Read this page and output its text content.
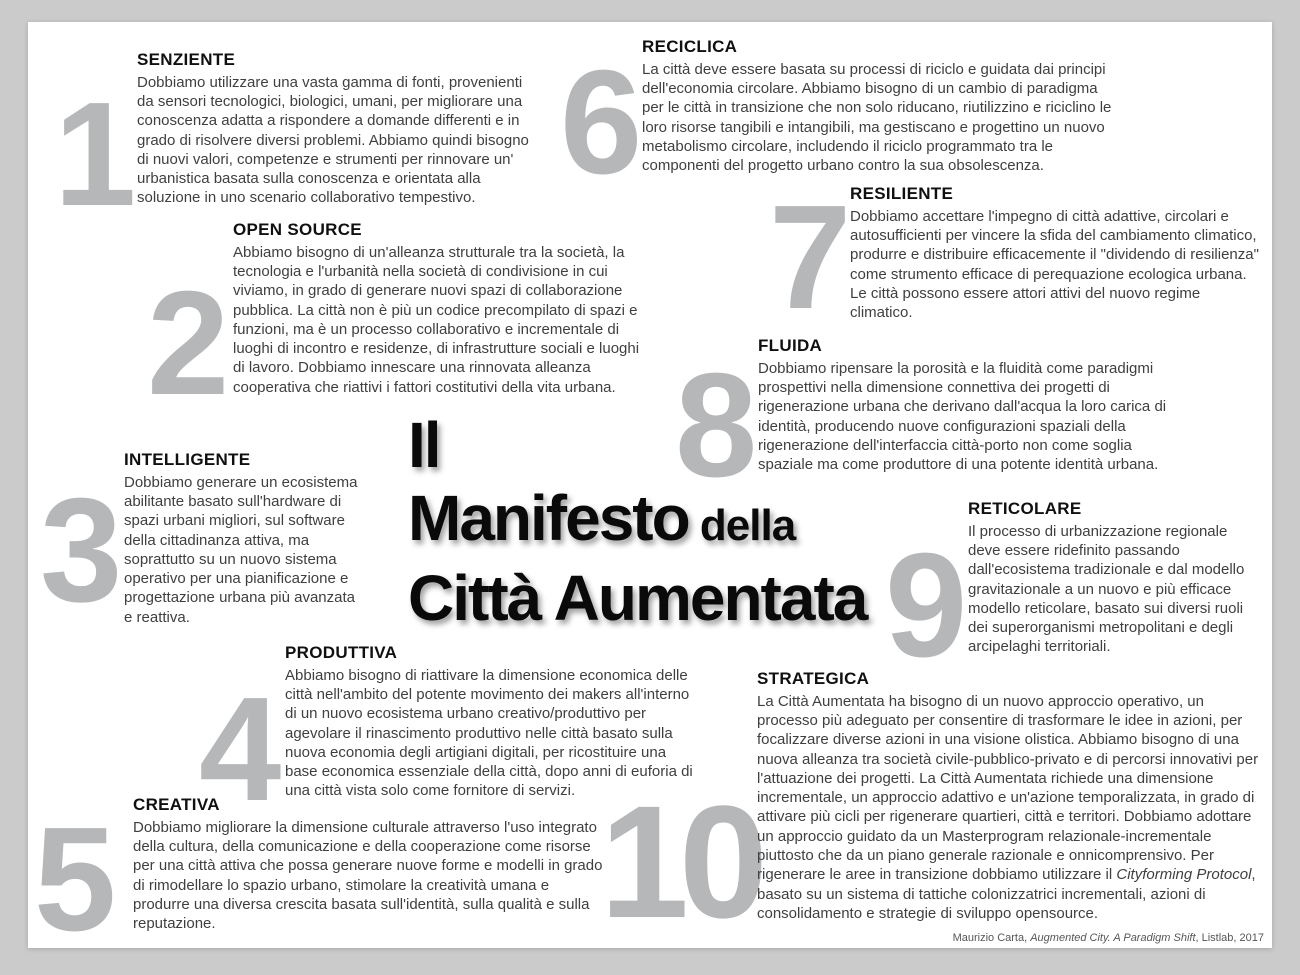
1
SENZIENTE

Dobbiamo utilizzare una vasta gamma di fonti, provenienti da sensori tecnologici, biologici, umani, per migliorare una conoscenza adatta a rispondere a domande differenti e in grado di risolvere diversi problemi. Abbiamo quindi bisogno di nuovi valori, competenze e strumenti per rinnovare un' urbanistica basata sulla conoscenza e orientata alla soluzione in uno scenario collaborativo tempestivo.

2
OPEN SOURCE

Abbiamo bisogno di un'alleanza strutturale tra la società, la tecnologia e l'urbanità nella società di condivisione in cui viviamo, in grado di generare nuovi spazi di collaborazione pubblica. La città non è più un codice precompilato di spazi e funzioni, ma è un processo collaborativo e incrementale di luoghi di incontro e residenze, di infrastrutture sociali e luoghi di lavoro. Dobbiamo innescare una rinnovata alleanza cooperativa che riattivi i fattori costitutivi della vita urbana.

3
INTELLIGENTE

Dobbiamo generare un ecosistema abilitante basato sull'hardware di spazi urbani migliori, sul software della cittadinanza attiva, ma soprattutto su un nuovo sistema operativo per una pianificazione e progettazione urbana più avanzata e reattiva.

4
PRODUTTIVA

Abbiamo bisogno di riattivare la dimensione economica delle città nell'ambito del potente movimento dei makers all'interno di un nuovo ecosistema urbano creativo/produttivo per agevolare il rinascimento produttivo nelle città basato sulla nuova economia degli artigiani digitali, per ricostituire una base economica essenziale della città, dopo anni di euforia di una città vista solo come fornitore di servizi.

5 CREATIVA

Dobbiamo migliorare la dimensione culturale attraverso l'uso integrato della cultura, della comunicazione e della cooperazione come risorse per una città attiva che possa generare nuove forme e modelli in grado di rimodellare lo spazio urbano, stimolare la creatività umana e produrre una diversa crescita basata sull'identità, sulla qualità e sulla reputazione.

6 RECICLICA

La città deve essere basata su processi di riciclo e guidata dai principi dell'economia circolare. Abbiamo bisogno di un cambio di paradigma per le città in transizione che non solo riducano, riutilizzino e riciclino le loro risorse tangibili e intangibili, ma gestiscano e progettino un nuovo metabolismo circolare, includendo il riciclo programmato tra le componenti del progetto urbano contro la sua obsolescenza.

7 RESILIENTE

Dobbiamo accettare l'impegno di città adattive, circolari e autosufficienti per vincere la sfida del cambiamento climatico, produrre e distribuire efficacemente il "dividendo di resilienza" come strumento efficace di perequazione ecologica urbana. Le città possono essere attori attivi del nuovo regime climatico.

8 FLUIDA

Dobbiamo ripensare la porosità e la fluidità come paradigmi prospettivi nella dimensione connettiva dei progetti di rigenerazione urbana che derivano dall'acqua la loro carica di identità, producendo nuove configurazioni spaziali della rigenerazione dell'interfaccia città-porto non come soglia spaziale ma come produttore di una potente identità urbana.

9
RETICOLARE

Il processo di urbanizzazione regionale deve essere ridefinito passando dall'ecosistema tradizionale e dal modello gravitazionale a un nuovo e più efficace modello reticolare, basato sui diversi ruoli dei superorganismi metropolitani e degli arcipelaghi territoriali.

10
STRATEGICA

La Città Aumentata ha bisogno di un nuovo approccio operativo, un processo più adeguato per consentire di trasformare le idee in azioni, per focalizzare diverse azioni in una visione olistica. Abbiamo bisogno di una nuova alleanza tra società civile-pubblico-privato e di percorsi innovativi per l'attuazione dei progetti. La Città Aumentata richiede una dimensione incrementale, un approccio adattivo e un'azione temporalizzata, in grado di attivare più cicli per rigenerare quartieri, città e territori. Dobbiamo adottare un approccio guidato da un Masterprogram relazionale-incrementale piuttosto che da un piano generale razionale e onnicomprensivo. Per rigenerare le aree in transizione dobbiamo utilizzare il Cityforming Protocol, basato su un sistema di tattiche colonizzatrici incrementali, azioni di consolidamento e strategie di sviluppo opensource.

Il
Manifesto della
Città Aumentata
Maurizio Carta, Augmented City. A Paradigm Shift, Listlab, 2017
